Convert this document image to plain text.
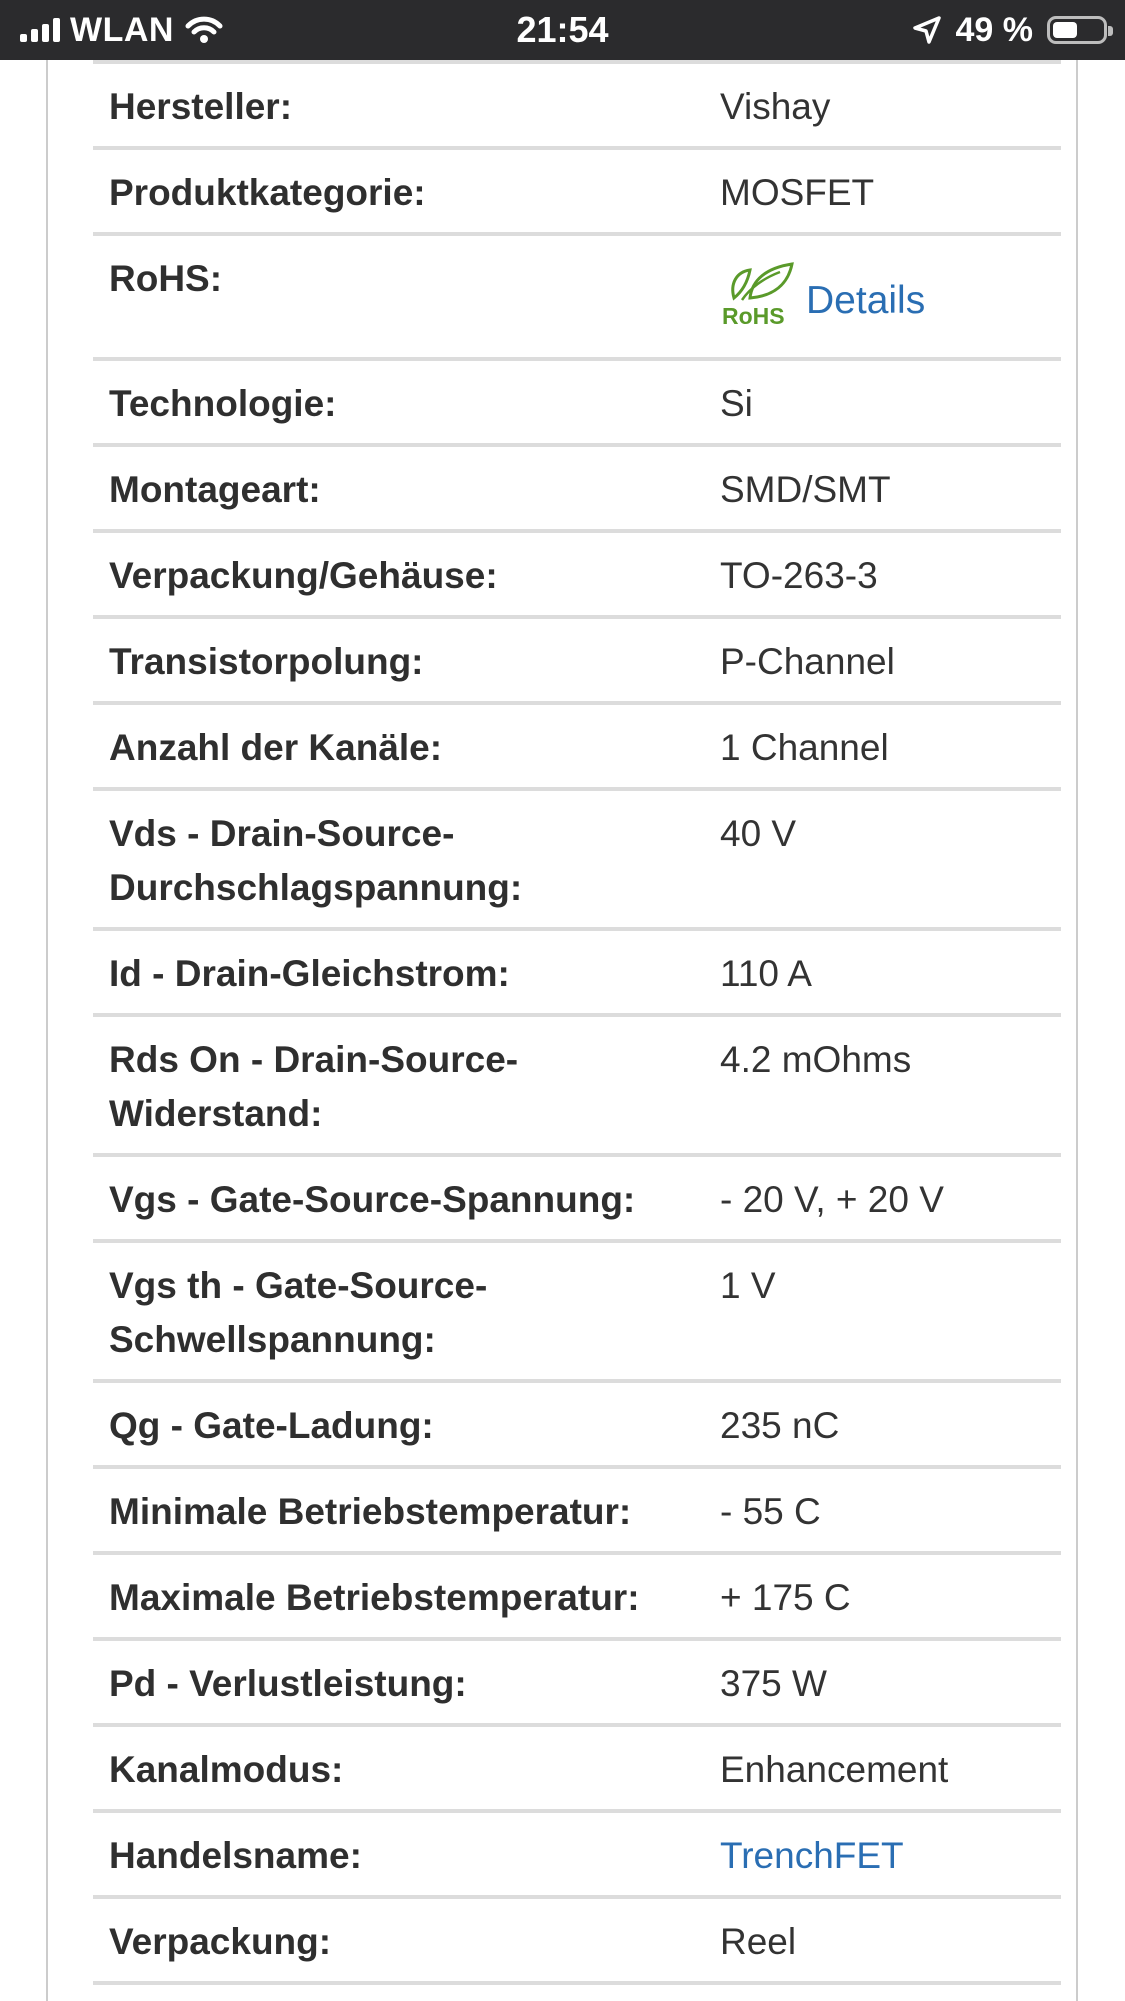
WLAN	21:54	49 %
Hersteller:	Vishay
Produktkategorie:	MOSFET
RoHS:
RoHS Details
Technologie:	Si
Montageart:	SMD/SMT
Verpackung/Gehäuse:	TO-263-3
Transistorpolung:	P-Channel
Anzahl der Kanäle:	1 Channel
Vds - Drain-Source-Durchschlagspannung:
40 V
Id - Drain-Gleichstrom:	110 A
Rds On - Drain-Source-Widerstand:
4.2 mOhms
Vgs - Gate-Source-Spannung:	- 20 V, + 20 V
Vgs th - Gate-Source-Schwellspannung:
1 V
Qg - Gate-Ladung:	235 nC
Minimale Betriebstemperatur:	- 55 C
Maximale Betriebstemperatur:	+ 175 C
Pd - Verlustleistung:	375 W
Kanalmodus:	Enhancement
Handelsname:	TrenchFET
Verpackung:	Reel
